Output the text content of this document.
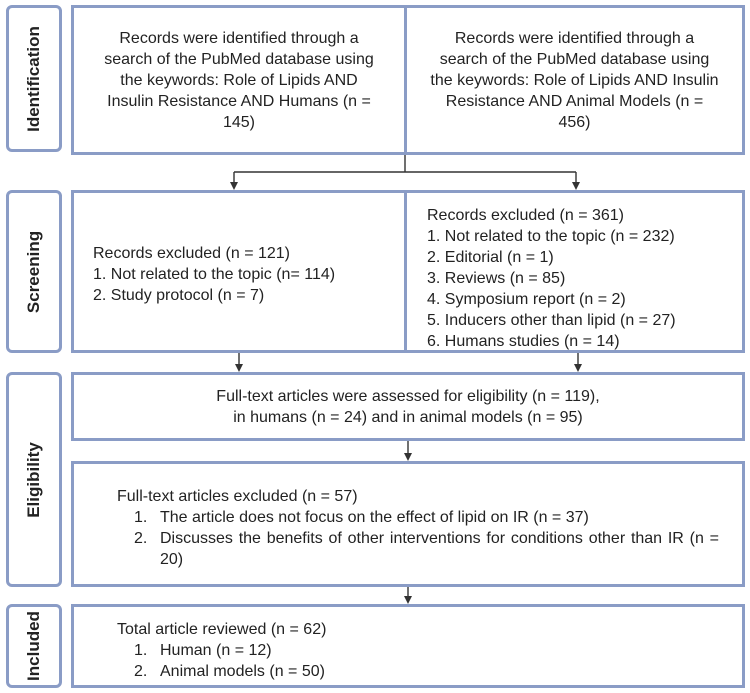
Identification
Screening
Eligibility
Included
Records were identified through a search of the PubMed database using the keywords: Role of Lipids AND Insulin Resistance AND Humans (n = 145)
Records were identified through a search of the PubMed database using the keywords: Role of Lipids AND Insulin Resistance AND Animal Models (n = 456)
Records excluded (n = 121)
1. Not related to the topic (n= 114)
2. Study protocol (n = 7)
Records excluded (n = 361)
1. Not related to the topic (n = 232)
2. Editorial (n = 1)
3. Reviews (n = 85)
4. Symposium report (n = 2)
5. Inducers other than lipid (n = 27)
6. Humans studies (n = 14)
Full-text articles were assessed for eligibility (n = 119),
in humans (n = 24) and in animal models (n = 95)
Full-text articles excluded (n = 57)
1. The article does not focus on the effect of lipid on IR (n = 37)
2. Discusses the benefits of other interventions for conditions other than IR (n = 20)
Total article reviewed (n = 62)
1. Human (n = 12)
2. Animal models (n = 50)
